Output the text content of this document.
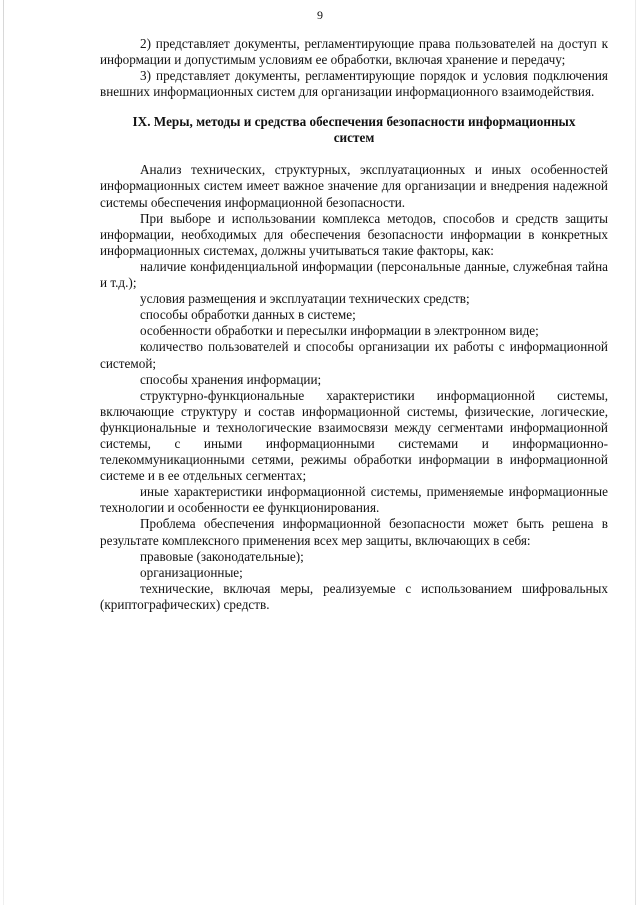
9

2) представляет документы, регламентирующие права пользователей на доступ к информации и допустимым условиям ее обработки, включая хранение и передачу;

3) представляет документы, регламентирующие порядок и условия подключения внешних информационных систем для организации информационного взаимодействия.

IX. Меры, методы и средства обеспечения безопасности информационных
систем

Анализ технических, структурных, эксплуатационных и иных особенностей информационных систем имеет важное значение для организации и внедрения надежной системы обеспечения информационной безопасности.

При выборе и использовании комплекса методов, способов и средств защиты информации, необходимых для обеспечения безопасности информации в конкретных информационных системах, должны учитываться такие факторы, как:

наличие конфиденциальной информации (персональные данные, служебная тайна и т.д.);

условия размещения и эксплуатации технических средств;

способы обработки данных в системе;

особенности обработки и пересылки информации в электронном виде;

количество пользователей и способы организации их работы с информационной системой;

способы хранения информации;

структурно-функциональные характеристики информационной системы, включающие структуру и состав информационной системы, физические, логические, функциональные и технологические взаимосвязи между сегментами информационной системы, с иными информационными системами и информационно-телекоммуникационными сетями, режимы обработки информации в информационной системе и в ее отдельных сегментах;

иные характеристики информационной системы, применяемые информационные технологии и особенности ее функционирования.

Проблема обеспечения информационной безопасности может быть решена в результате комплексного применения всех мер защиты, включающих в себя:

правовые (законодательные);

организационные;

технические, включая меры, реализуемые с использованием шифровальных (криптографических) средств.
